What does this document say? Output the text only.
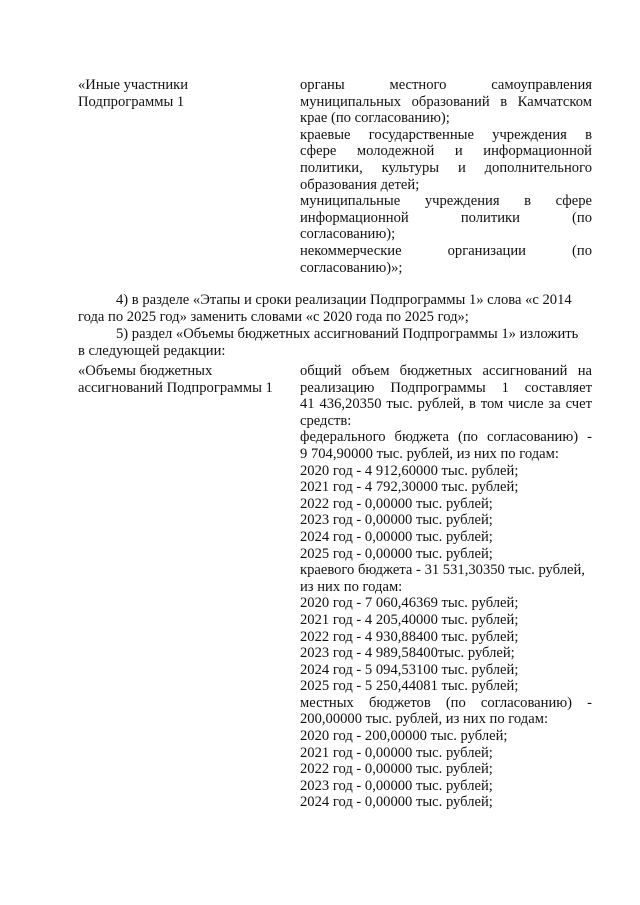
«Иные участники
Подпрограммы 1
органы местного самоуправления
муниципальных образований в Камчатском
крае (по согласованию);
краевые государственные учреждения в
сфере молодежной и информационной
политики, культуры и дополнительного
образования детей;
муниципальные учреждения в сфере
информационной политики (по
согласованию);
некоммерческие организации (по
согласованию)»;
4) в разделе «Этапы и сроки реализации Подпрограммы 1» слова «с 2014
года по 2025 год» заменить словами «с 2020 года по 2025 год»;
5) раздел «Объемы бюджетных ассигнований Подпрограммы 1» изложить
в следующей редакции:
«Объемы бюджетных
ассигнований Подпрограммы 1
общий объем бюджетных ассигнований на
реализацию Подпрограммы 1 составляет
41 436,20350 тыс. рублей, в том числе за счет
средств:
федерального бюджета (по согласованию) -
9 704,90000 тыс. рублей, из них по годам:
2020 год - 4 912,60000 тыс. рублей;
2021 год - 4 792,30000 тыс. рублей;
2022 год - 0,00000 тыс. рублей;
2023 год - 0,00000 тыс. рублей;
2024 год - 0,00000 тыс. рублей;
2025 год - 0,00000 тыс. рублей;
краевого бюджета - 31 531,30350 тыс. рублей,
из них по годам:
2020 год - 7 060,46369 тыс. рублей;
2021 год - 4 205,40000 тыс. рублей;
2022 год - 4 930,88400 тыс. рублей;
2023 год - 4 989,58400тыс. рублей;
2024 год - 5 094,53100 тыс. рублей;
2025 год - 5 250,44081 тыс. рублей;
местных бюджетов (по согласованию) -
200,00000 тыс. рублей, из них по годам:
2020 год - 200,00000 тыс. рублей;
2021 год - 0,00000 тыс. рублей;
2022 год - 0,00000 тыс. рублей;
2023 год - 0,00000 тыс. рублей;
2024 год - 0,00000 тыс. рублей;
